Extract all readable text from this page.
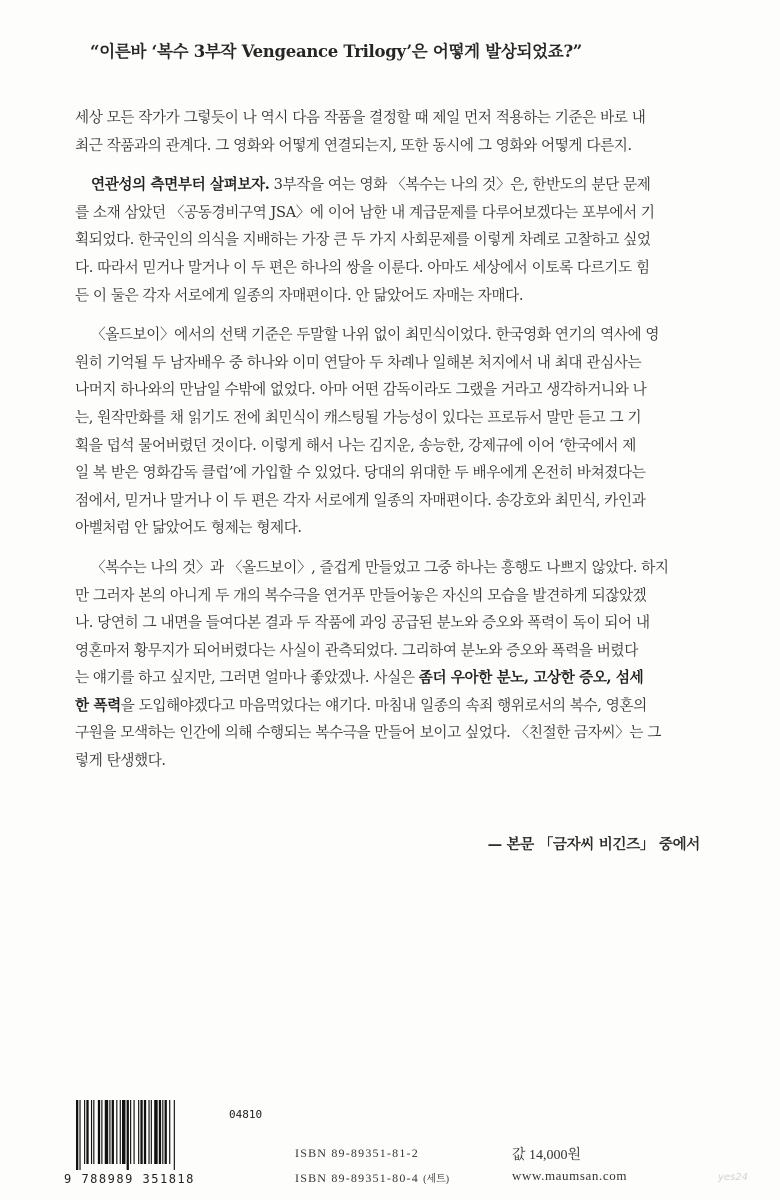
“이른바 ‘복수 3부작 Vengeance Trilogy’은 어떻게 발상되었죠?”
세상 모든 작가가 그렇듯이 나 역시 다음 작품을 결정할 때 제일 먼저 적용하는 기준은 바로 내
최근 작품과의 관계다. 그 영화와 어떻게 연결되는지, 또한 동시에 그 영화와 어떻게 다른지.
연관성의 측면부터 살펴보자. 3부작을 여는 영화 〈복수는 나의 것〉은, 한반도의 분단 문제
를 소재 삼았던 〈공동경비구역 JSA〉에 이어 남한 내 계급문제를 다루어보겠다는 포부에서 기
획되었다. 한국인의 의식을 지배하는 가장 큰 두 가지 사회문제를 이렇게 차례로 고찰하고 싶었
다. 따라서 믿거나 말거나 이 두 편은 하나의 쌍을 이룬다. 아마도 세상에서 이토록 다르기도 힘
든 이 둘은 각자 서로에게 일종의 자매편이다. 안 닮았어도 자매는 자매다.
〈올드보이〉에서의 선택 기준은 두말할 나위 없이 최민식이었다. 한국영화 연기의 역사에 영
원히 기억될 두 남자배우 중 하나와 이미 연달아 두 차례나 일해본 처지에서 내 최대 관심사는
나머지 하나와의 만남일 수밖에 없었다. 아마 어떤 감독이라도 그랬을 거라고 생각하거니와 나
는, 원작만화를 채 읽기도 전에 최민식이 캐스팅될 가능성이 있다는 프로듀서 말만 듣고 그 기
획을 덥석 물어버렸던 것이다. 이렇게 해서 나는 김지운, 송능한, 강제규에 이어 ‘한국에서 제
일 복 받은 영화감독 클럽’에 가입할 수 있었다. 당대의 위대한 두 배우에게 온전히 바쳐졌다는
점에서, 믿거나 말거나 이 두 편은 각자 서로에게 일종의 자매편이다. 송강호와 최민식, 카인과
아벨처럼 안 닮았어도 형제는 형제다.
〈복수는 나의 것〉과 〈올드보이〉, 즐겁게 만들었고 그중 하나는 흥행도 나쁘지 않았다. 하지
만 그러자 본의 아니게 두 개의 복수극을 연거푸 만들어놓은 자신의 모습을 발견하게 되잖았겠
나. 당연히 그 내면을 들여다본 결과 두 작품에 과잉 공급된 분노와 증오와 폭력이 독이 되어 내
영혼마저 황무지가 되어버렸다는 사실이 관측되었다. 그리하여 분노와 증오와 폭력을 버렸다
는 얘기를 하고 싶지만, 그러면 얼마나 좋았겠나. 사실은 좀더 우아한 분노, 고상한 증오, 섬세
한 폭력을 도입해야겠다고 마음먹었다는 얘기다. 마침내 일종의 속죄 행위로서의 복수, 영혼의
구원을 모색하는 인간에 의해 수행되는 복수극을 만들어 보이고 싶었다. 〈친절한 금자씨〉는 그
렇게 탄생했다.
— 본문 「금자씨 비긴즈」 중에서
04810
9 788989 351818
ISBN 89-89351-81-2
ISBN 89-89351-80-4 (세트)
값 14,000원
www.maumsan.com	yes24
